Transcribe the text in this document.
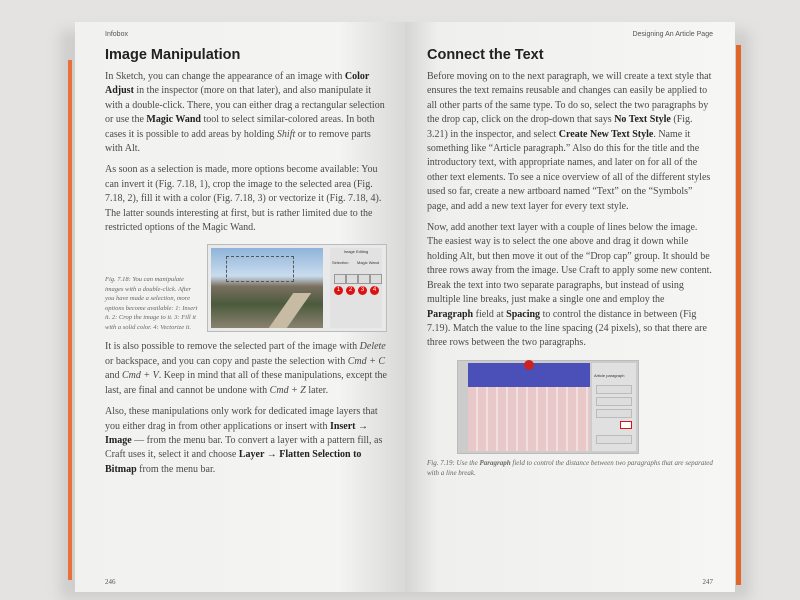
Infobox
Image Manipulation

In Sketch, you can change the appearance of an image with Color Adjust in the inspector (more on that later), and also manipulate it with a double-click. There, you can either drag a rectangular selection or use the Magic Wand tool to select similar-colored areas. In both cases it is possible to add areas by holding Shift or to remove parts with Alt.

As soon as a selection is made, more options become available: You can invert it (Fig. 7.18, 1), crop the image to the selected area (Fig. 7.18, 2), fill it with a color (Fig. 7.18, 3) or vectorize it (Fig. 7.18, 4). The latter sounds interesting at first, but is rather limited due to the restricted options of the Magic Wand.

Fig. 7.18: You can manipulate images with a double-click. After you have made a selection, more options become available: 1: Insert it. 2: Crop the image to it. 3: Fill it with a solid color. 4: Vectorize it.
Image Editing
Selection Magic Wand
1	2	3	4

It is also possible to remove the selected part of the image with Delete or backspace, and you can copy and paste the selection with Cmd + C and Cmd + V. Keep in mind that all of these manipulations, except the last, are final and cannot be undone with Cmd + Z later.

Also, these manipulations only work for dedicated image layers that you either drag in from other applications or insert with Insert → Image — from the menu bar. To convert a layer with a pattern fill, as Craft uses it, select it and choose Layer → Flatten Selection to Bitmap from the menu bar.

246
Designing An Article Page
Connect the Text

Before moving on to the next paragraph, we will create a text style that ensures the text remains reusable and changes can easily be applied to all other parts of the same type. To do so, select the two paragraphs by the drop cap, click on the drop-down that says No Text Style (Fig. 3.21) in the inspector, and select Create New Text Style. Name it something like “Article paragraph.” Also do this for the title and the introductory text, with appropriate names, and later on for all of the other text elements. To see a nice overview of all of the different styles used so far, create a new artboard named “Text” on the “Symbols” page, and add a new text layer for every text style.

Now, add another text layer with a couple of lines below the image. The easiest way is to select the one above and drag it down while holding Alt, but then move it out of the “Drop cap” group. It should be three rows away from the image. Use Craft to apply some new content. Break the text into two separate paragraphs, but instead of using multiple line breaks, just make a single one and employ the Paragraph field at Spacing to control the distance in between (Fig 7.19). Match the value to the line spacing (24 pixels), so that there are three rows between the two paragraphs.

Article paragraph
Fig. 7.19: Use the Paragraph field to control the distance between two paragraphs that are separated with a line break.
247
